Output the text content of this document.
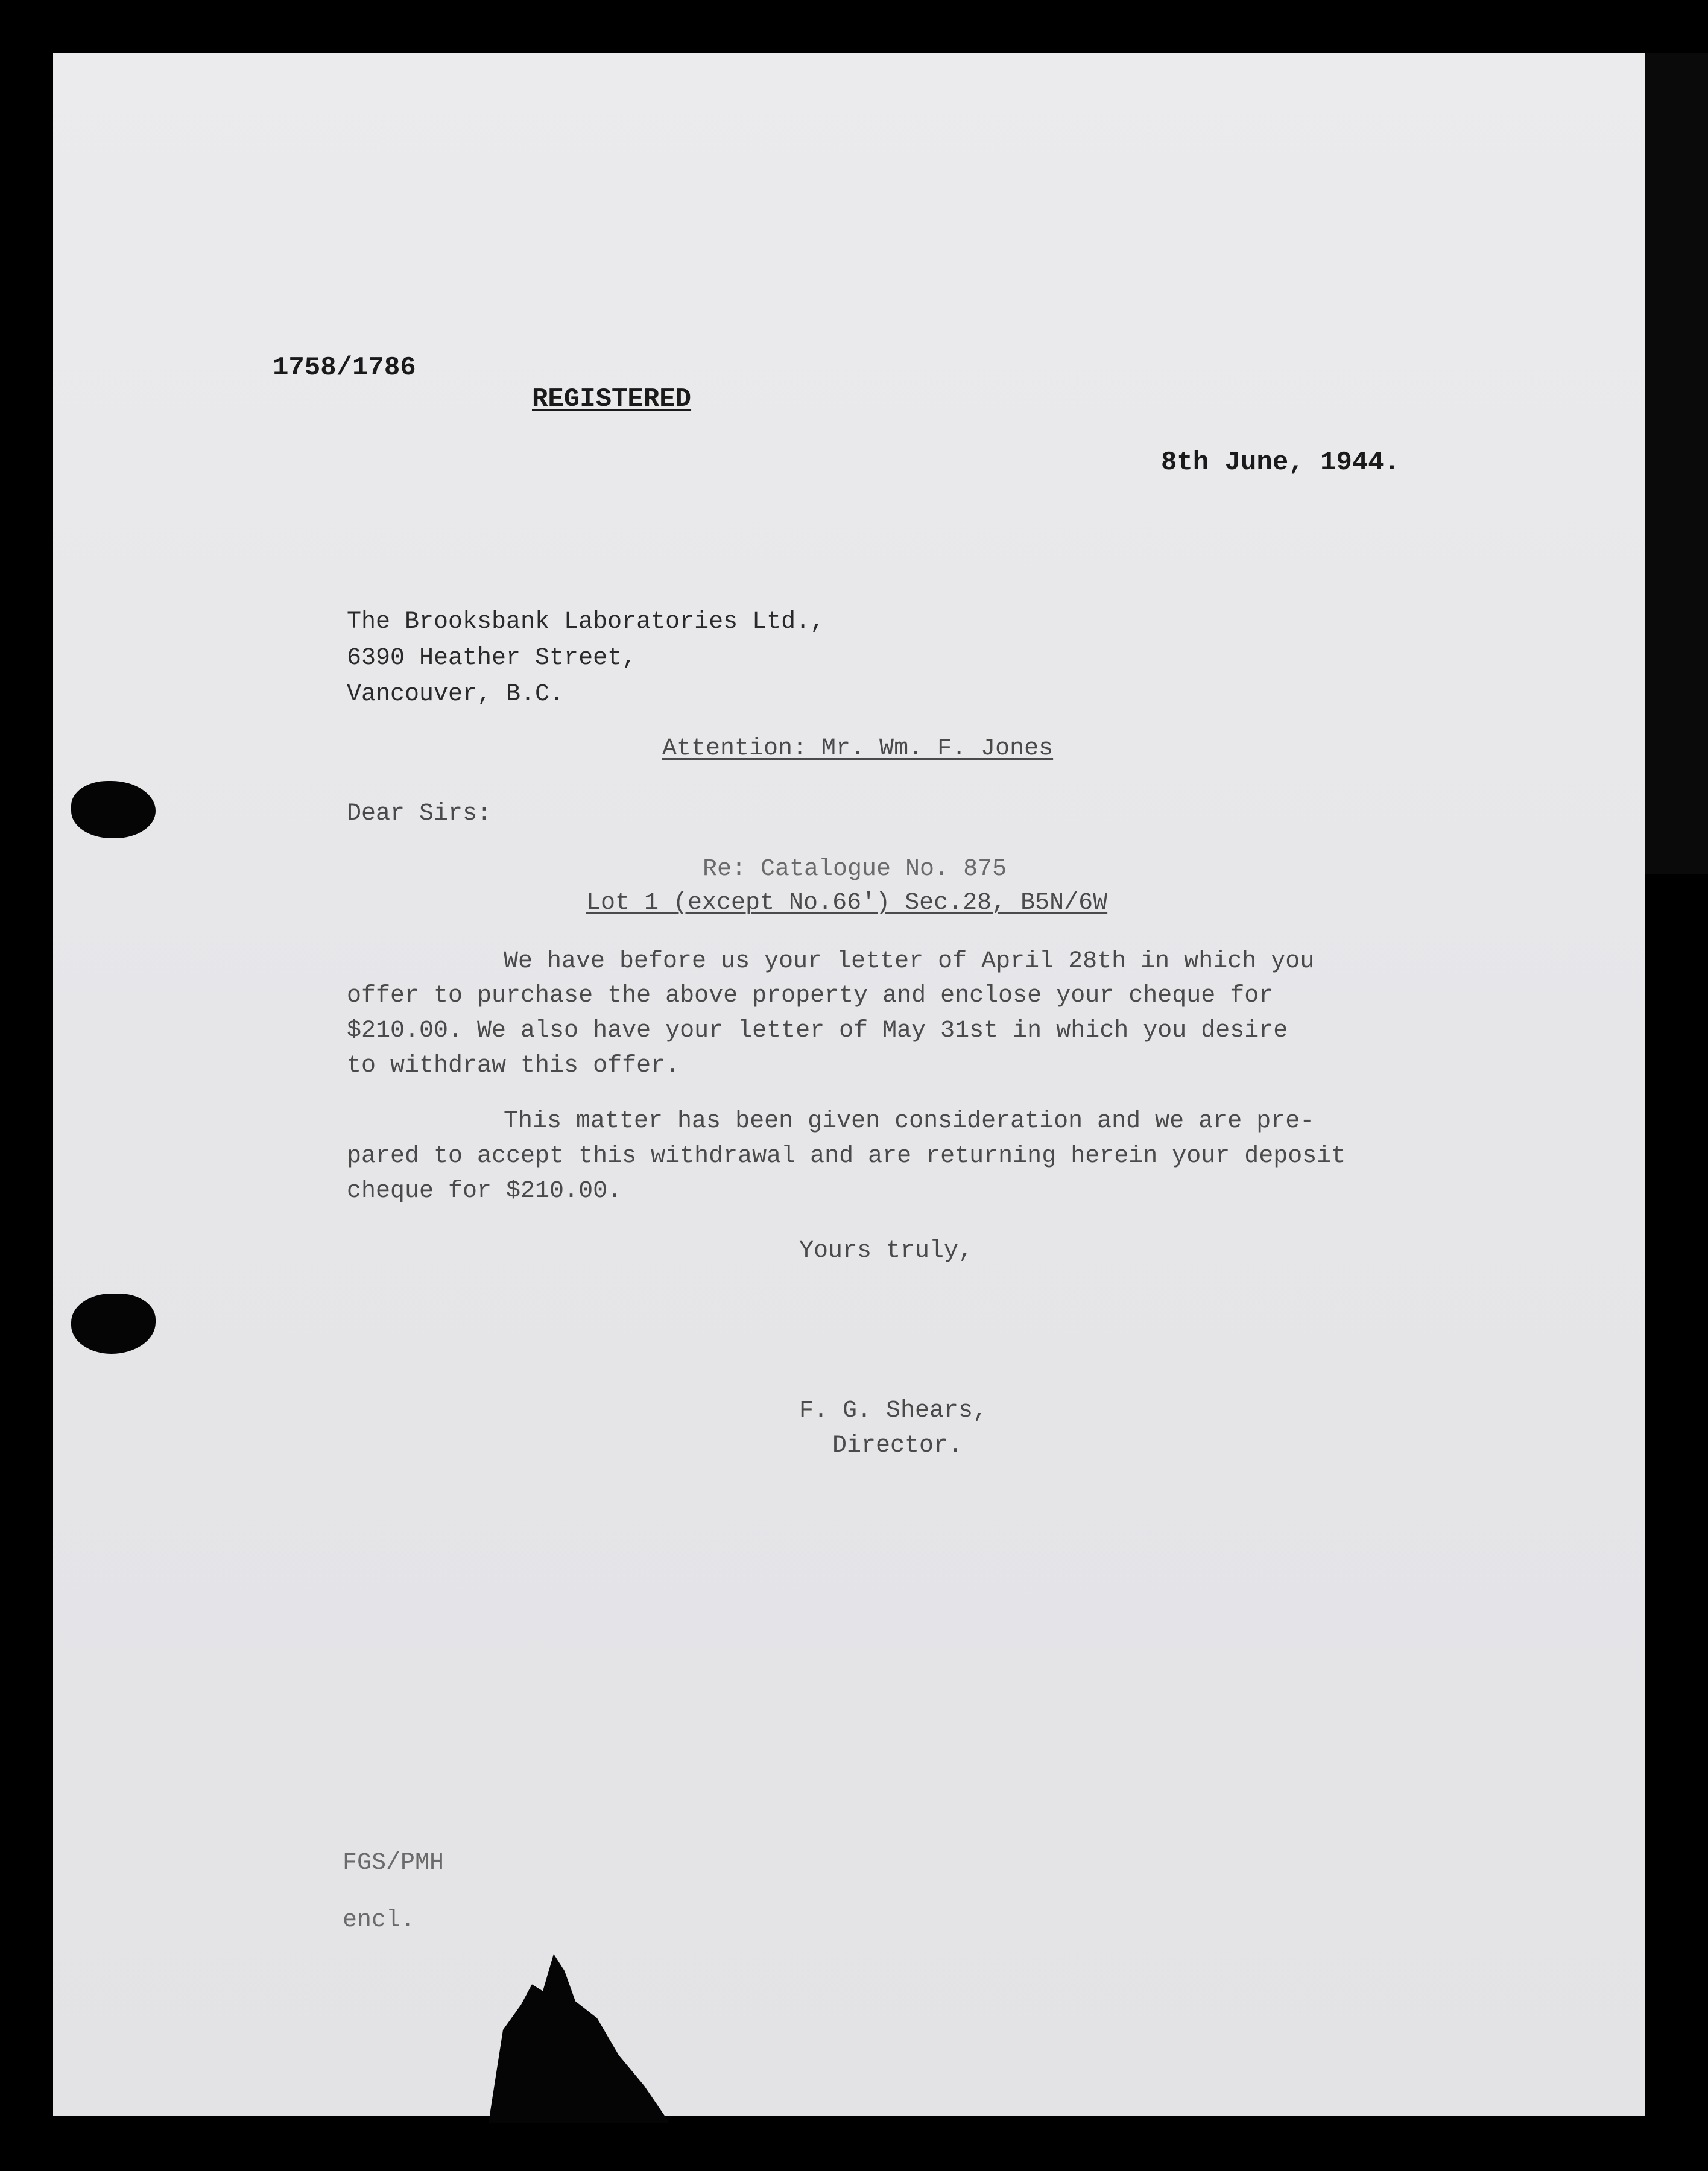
1758/1786
REGISTERED
8th June, 1944.
The Brooksbank Laboratories Ltd.,
6390 Heather Street,
Vancouver, B.C.
Attention: Mr. Wm. F. Jones
Dear Sirs:
Re: Catalogue No. 875
Lot 1 (except No.66') Sec.28, B5N/6W
We have before us your letter of April 28th in which you
offer to purchase the above property and enclose your cheque for
$210.00. We also have your letter of May 31st in which you desire
to withdraw this offer.
This matter has been given consideration and we are pre-
pared to accept this withdrawal and are returning herein your deposit
cheque for $210.00.
Yours truly,
F. G. Shears,
Director.
FGS/PMH
encl.
